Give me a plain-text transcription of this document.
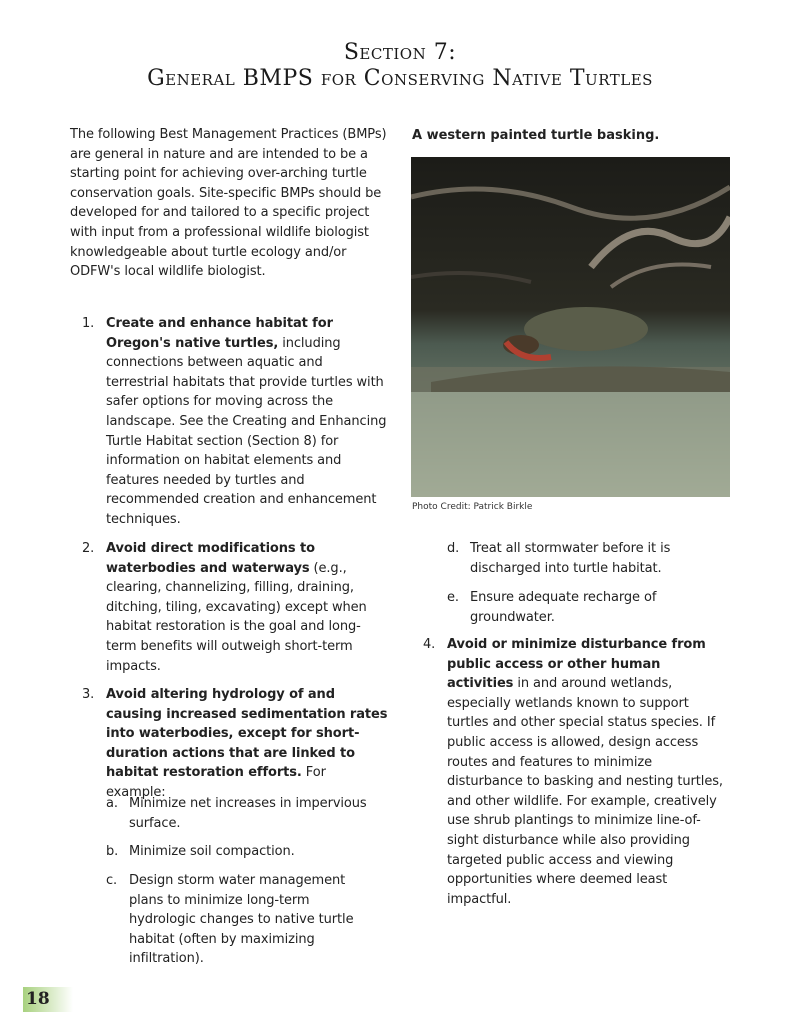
Section 7:
General BMPS for Conserving Native Turtles
The following Best Management Practices (BMPs) are general in nature and are intended to be a starting point for achieving over-arching turtle conservation goals. Site-specific BMPs should be developed for and tailored to a specific project with input from a professional wildlife biologist knowledgeable about turtle ecology and/or ODFW's local wildlife biologist.
1. Create and enhance habitat for Oregon's native turtles, including connections between aquatic and terrestrial habitats that provide turtles with safer options for moving across the landscape. See the Creating and Enhancing Turtle Habitat section (Section 8) for information on habitat elements and features needed by turtles and recommended creation and enhancement techniques.
2. Avoid direct modifications to waterbodies and waterways (e.g., clearing, channelizing, filling, draining, ditching, tiling, excavating) except when habitat restoration is the goal and long-term benefits will outweigh short-term impacts.
3. Avoid altering hydrology of and causing increased sedimentation rates into waterbodies, except for short-duration actions that are linked to habitat restoration efforts. For example:
a. Minimize net increases in impervious surface.
b. Minimize soil compaction.
c. Design storm water management plans to minimize long-term hydrologic changes to native turtle habitat (often by maximizing infiltration).
A western painted turtle basking.
Photo Credit: Patrick Birkle
d. Treat all stormwater before it is discharged into turtle habitat.
e. Ensure adequate recharge of groundwater.
4. Avoid or minimize disturbance from public access or other human activities in and around wetlands, especially wetlands known to support turtles and other special status species. If public access is allowed, design access routes and features to minimize disturbance to basking and nesting turtles, and other wildlife. For example, creatively use shrub plantings to minimize line-of-sight disturbance while also providing targeted public access and viewing opportunities where deemed least impactful.
18
